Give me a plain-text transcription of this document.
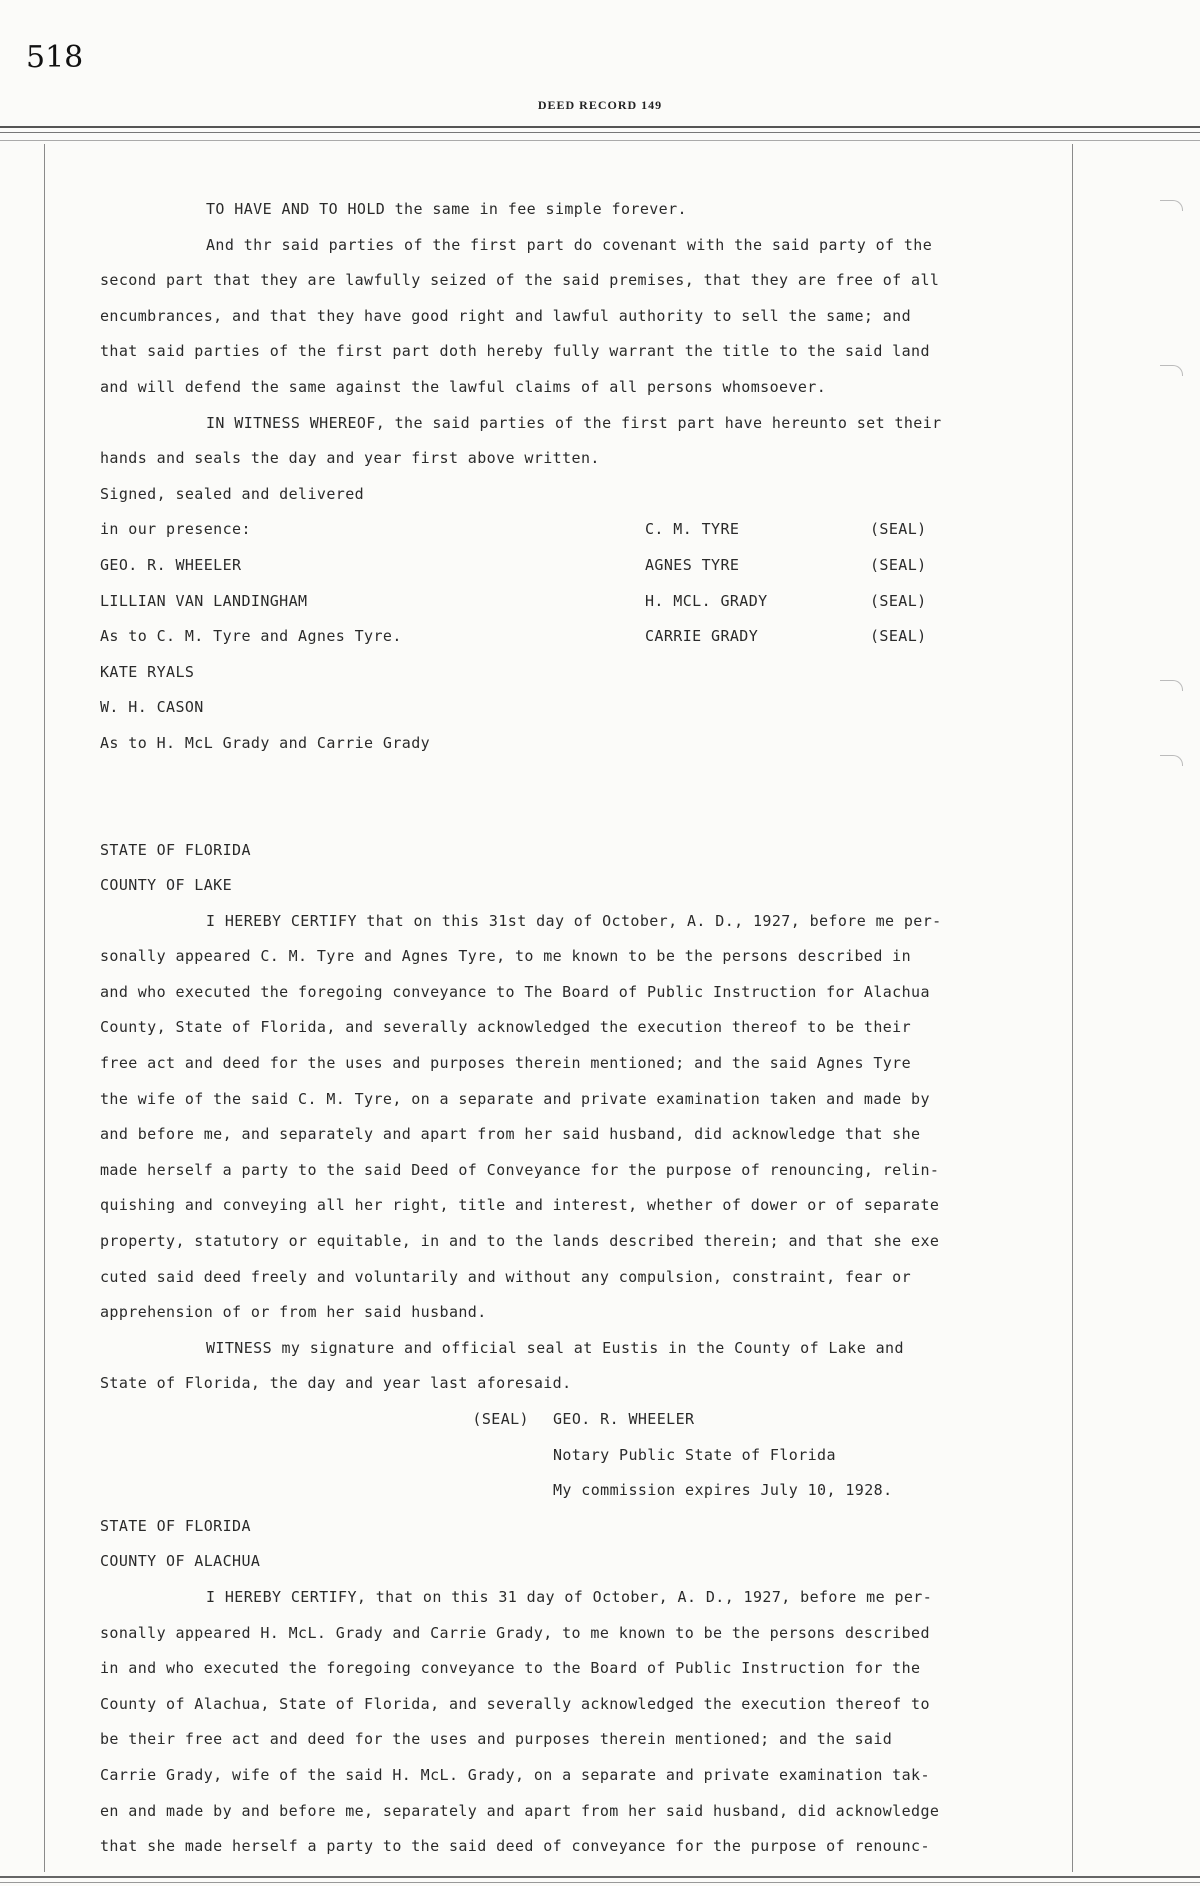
518
DEED RECORD 149
TO HAVE AND TO HOLD the same in fee simple forever.
And thr said parties of the first part do covenant with the said party of the
second part that they are lawfully seized of the said premises, that they are free of all
encumbrances, and that they have good right and lawful authority to sell the same; and
that said parties of the first part doth hereby fully warrant the title to the said land
and will defend the same against the lawful claims of all persons whomsoever.
IN WITNESS WHEREOF, the said parties of the first part have hereunto set their
hands and seals the day and year first above written.
Signed, sealed and delivered
in our presence:	C. M. TYRE	(SEAL)
GEO. R. WHEELER	AGNES TYRE	(SEAL)
LILLIAN VAN LANDINGHAM	H. MCL. GRADY	(SEAL)
As to C. M. Tyre and Agnes Tyre.	CARRIE GRADY	(SEAL)
KATE RYALS
W. H. CASON
As to H. McL Grady and Carrie Grady
STATE OF FLORIDA
COUNTY OF LAKE
I HEREBY CERTIFY that on this 31st day of October, A. D., 1927, before me per-
sonally appeared C. M. Tyre and Agnes Tyre, to me known to be the persons described in
and who executed the foregoing conveyance to The Board of Public Instruction for Alachua
County, State of Florida, and severally acknowledged the execution thereof to be their
free act and deed for the uses and purposes therein mentioned; and the said Agnes Tyre
the wife of the said C. M. Tyre, on a separate and private examination taken and made by
and before me, and separately and apart from her said husband, did acknowledge that she
made herself a party to the said Deed of Conveyance for the purpose of renouncing, relin-
quishing and conveying all her right, title and interest, whether of dower or of separate
property, statutory or equitable, in and to the lands described therein; and that she exe
cuted said deed freely and voluntarily and without any compulsion, constraint, fear or
apprehension of or from her said husband.
WITNESS my signature and official seal at Eustis in the County of Lake and
State of Florida, the day and year last aforesaid.
(SEAL)	GEO. R. WHEELER
Notary Public State of Florida
My commission expires July 10, 1928.
STATE OF FLORIDA
COUNTY OF ALACHUA
I HEREBY CERTIFY, that on this 31 day of October, A. D., 1927, before me per-
sonally appeared H. McL. Grady and Carrie Grady, to me known to be the persons described
in and who executed the foregoing conveyance to the Board of Public Instruction for the
County of Alachua, State of Florida, and severally acknowledged the execution thereof to
be their free act and deed for the uses and purposes therein mentioned; and the said
Carrie Grady, wife of the said H. McL. Grady, on a separate and private examination tak-
en and made by and before me, separately and apart from her said husband, did acknowledge
that she made herself a party to the said deed of conveyance for the purpose of renounc-
